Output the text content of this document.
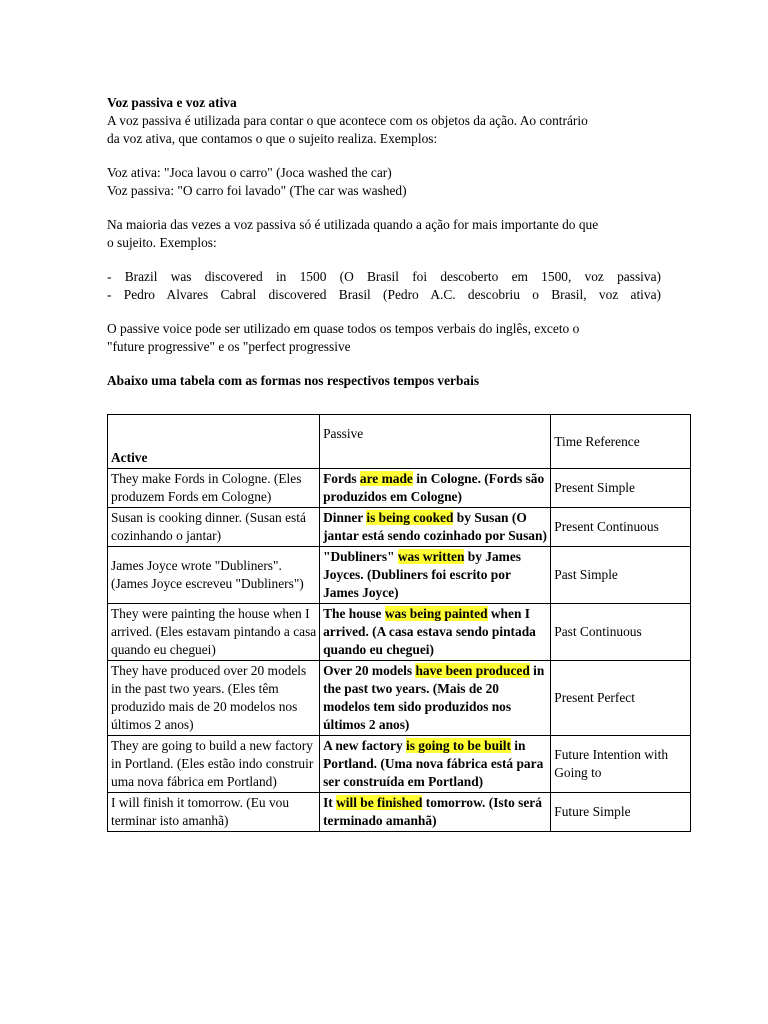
Voz passiva e voz ativa

A voz passiva é utilizada para contar o que acontece com os objetos da ação. Ao contrário

da voz ativa, que contamos o que o sujeito realiza. Exemplos:

Voz ativa: "Joca lavou o carro" (Joca washed the car)

Voz passiva: "O carro foi lavado" (The car was washed)

Na maioria das vezes a voz passiva só é utilizada quando a ação for mais importante do que

o sujeito. Exemplos:

- Brazil was discovered in 1500 (O Brasil foi descoberto em 1500, voz passiva)

- Pedro Alvares Cabral discovered Brasil (Pedro A.C. descobriu o Brasil, voz ativa)

O passive voice pode ser utilizado em quase todos os tempos verbais do inglês, exceto o

"future progressive" e os "perfect progressive

Abaixo uma tabela com as formas nos respectivos tempos verbais

Active	Passive	Time Reference
They make Fords in Cologne. (Eles produzem Fords em Cologne)	Fords are made in Cologne. (Fords são produzidos em Cologne)	Present Simple
Susan is cooking dinner. (Susan está cozinhando o jantar)	Dinner is being cooked by Susan (O jantar está sendo cozinhado por Susan)	Present Continuous
James Joyce wrote "Dubliners". (James Joyce escreveu "Dubliners")	"Dubliners" was written by James Joyces. (Dubliners foi escrito por James Joyce)	Past Simple
They were painting the house when I arrived. (Eles estavam pintando a casa quando eu cheguei)	The house was being painted when I arrived. (A casa estava sendo pintada quando eu cheguei)	Past Continuous
They have produced over 20 models in the past two years. (Eles têm produzido mais de 20 modelos nos últimos 2 anos)	Over 20 models have been produced in the past two years. (Mais de 20 modelos tem sido produzidos nos últimos 2 anos)	Present Perfect
They are going to build a new factory in Portland. (Eles estão indo construir uma nova fábrica em Portland)	A new factory is going to be built in Portland. (Uma nova fábrica está para ser construída em Portland)	Future Intention with Going to
I will finish it tomorrow. (Eu vou terminar isto amanhã)	It will be finished tomorrow. (Isto será terminado amanhã)	Future Simple
